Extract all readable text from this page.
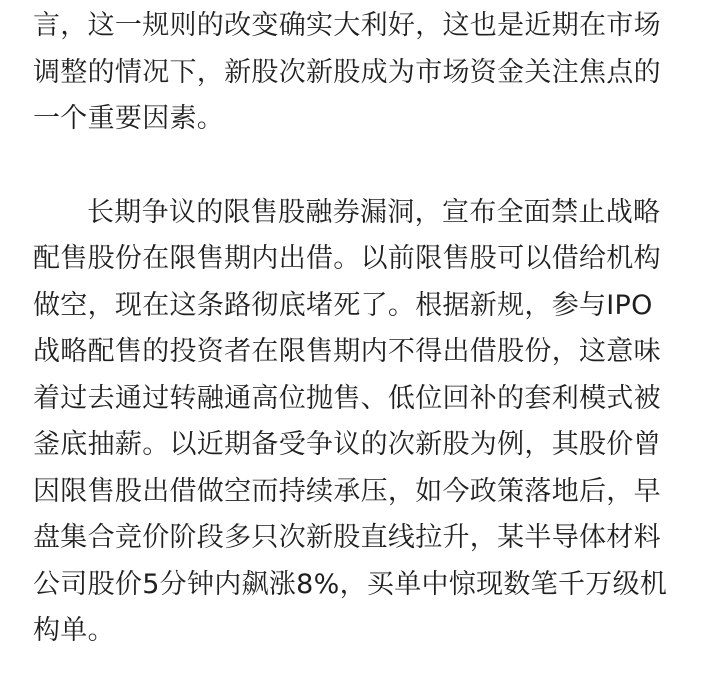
言，这一规则的改变确实大利好，这也是近期在市场
调整的情况下，新股次新股成为市场资金关注焦点的
一个重要因素。
长期争议的限售股融券漏洞，宣布全面禁止战略
配售股份在限售期内出借。以前限售股可以借给机构
做空，现在这条路彻底堵死了。根据新规，参与IPO
战略配售的投资者在限售期内不得出借股份，这意味
着过去通过转融通高位抛售、低位回补的套利模式被
釜底抽薪。以近期备受争议的次新股为例，其股价曾
因限售股出借做空而持续承压，如今政策落地后，早
盘集合竞价阶段多只次新股直线拉升，某半导体材料
公司股价5分钟内飙涨8%，买单中惊现数笔千万级机
构单。
